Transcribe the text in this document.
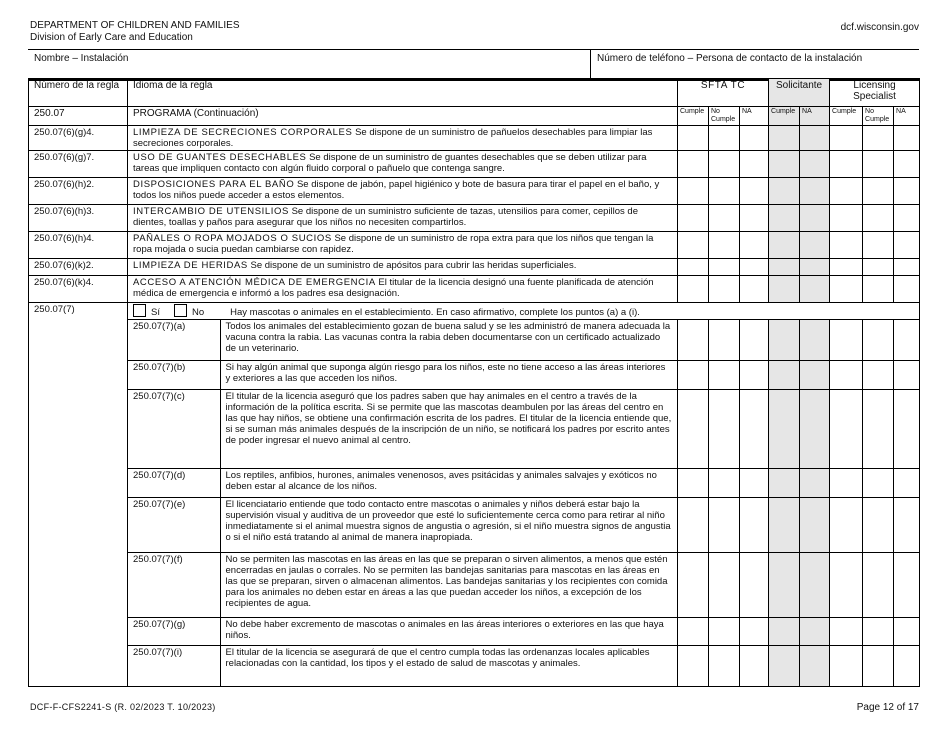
DEPARTMENT OF CHILDREN AND FAMILIES
Division of Early Care and Education
dcf.wisconsin.gov
Nombre – Instalación	Número de teléfono – Persona de contacto de la instalación
Número de la regla	Idioma de la regla	SFTA TC	Solicitante	Licensing Specialist
250.07	PROGRAMA (Continuación)	Cumple	No Cumple	NA	Cumple	NA	Cumple	No Cumple	NA
250.07(6)(g)4.	LIMPIEZA DE SECRECIONES CORPORALES Se dispone de un suministro de pañuelos desechables para limpiar las secreciones corporales.								
250.07(6)(g)7.	USO DE GUANTES DESECHABLES Se dispone de un suministro de guantes desechables que se deben utilizar para tareas que impliquen contacto con algún fluido corporal o pañuelo que contenga sangre.								
250.07(6)(h)2.	DISPOSICIONES PARA EL BAÑO Se dispone de jabón, papel higiénico y bote de basura para tirar el papel en el baño, y todos los niños puede acceder a estos elementos.								
250.07(6)(h)3.	INTERCAMBIO DE UTENSILIOS Se dispone de un suministro suficiente de tazas, utensilios para comer, cepillos de dientes, toallas y paños para asegurar que los niños no necesiten compartirlos.								
250.07(6)(h)4.	PAÑALES O ROPA MOJADOS O SUCIOS Se dispone de un suministro de ropa extra para que los niños que tengan la ropa mojada o sucia puedan cambiarse con rapidez.								
250.07(6)(k)2.	LIMPIEZA DE HERIDAS Se dispone de un suministro de apósitos para cubrir las heridas superficiales.								
250.07(6)(k)4.	ACCESO A ATENCIÓN MÉDICA DE EMERGENCIA El titular de la licencia designó una fuente planificada de atención médica de emergencia e informó a los padres esa designación.								
250.07(7)	Sí	No	Hay mascotas o animales en el establecimiento. En caso afirmativo, complete los puntos (a) a (i).

250.07(7)(a)	Todos los animales del establecimiento gozan de buena salud y se les administró de manera adecuada la vacuna contra la rabia. Las vacunas contra la rabia deben documentarse con un certificado actualizado de un veterinario.

250.07(7)(b)	Si hay algún animal que suponga algún riesgo para los niños, este no tiene acceso a las áreas interiores y exteriores a las que acceden los niños.

250.07(7)(c)	El titular de la licencia aseguró que los padres saben que hay animales en el centro a través de la información de la política escrita. Si se permite que las mascotas deambulen por las áreas del centro en las que hay niños, se obtiene una confirmación escrita de los padres. El titular de la licencia entiende que, si se suman más animales después de la inscripción de un niño, se notificará los padres por escrito antes de poder ingresar el nuevo animal al centro.

250.07(7)(d)	Los reptiles, anfibios, hurones, animales venenosos, aves psitácidas y animales salvajes y exóticos no deben estar al alcance de los niños.

250.07(7)(e)	El licenciatario entiende que todo contacto entre mascotas o animales y niños deberá estar bajo la supervisión visual y auditiva de un proveedor que esté lo suficientemente cerca como para retirar al niño inmediatamente si el animal muestra signos de angustia o agresión, si el niño muestra signos de angustia o si el niño está tratando al animal de manera inapropiada.

250.07(7)(f)	No se permiten las mascotas en las áreas en las que se preparan o sirven alimentos, a menos que estén encerradas en jaulas o corrales. No se permiten las bandejas sanitarias para mascotas en las áreas en las que se preparan, sirven o almacenan alimentos. Las bandejas sanitarias y los recipientes con comida para los animales no deben estar en áreas a las que puedan acceder los niños, a excepción de los recipientes de agua.

250.07(7)(g)	No debe haber excremento de mascotas o animales en las áreas interiores o exteriores en las que haya niños.

250.07(7)(i)	El titular de la licencia se asegurará de que el centro cumpla todas las ordenanzas locales aplicables relacionadas con la cantidad, los tipos y el estado de salud de mascotas y animales.

DCF-F-CFS2241-S (R. 02/2023 T. 10/2023)	Page 12 of 17
